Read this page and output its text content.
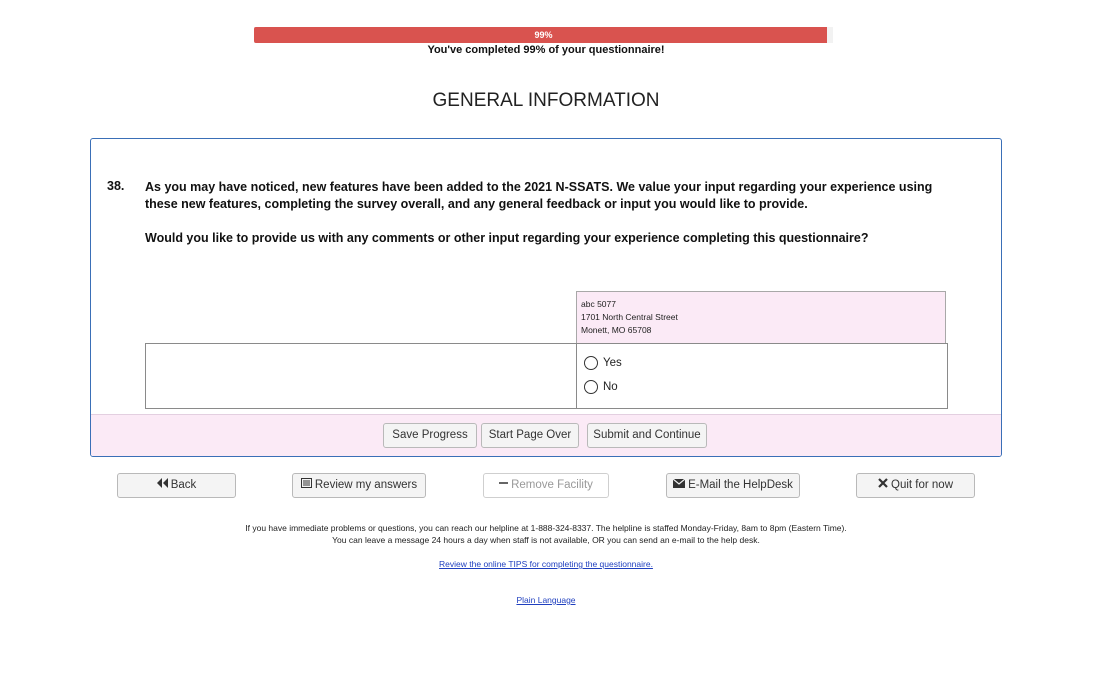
99%
You've completed 99% of your questionnaire!
GENERAL INFORMATION
38. As you may have noticed, new features have been added to the 2021 N-SSATS. We value your input regarding your experience using these new features, completing the survey overall, and any general feedback or input you would like to provide.

Would you like to provide us with any comments or other input regarding your experience completing this questionnaire?

abc 5077
1701 North Central Street
Monett, MO 65708
Yes
No
Save Progress	Start Page Over	Submit and Continue
Back	Review my answers	Remove Facility	E-Mail the HelpDesk	Quit for now
If you have immediate problems or questions, you can reach our helpline at 1-888-324-8337. The helpline is staffed Monday-Friday, 8am to 8pm (Eastern Time).
You can leave a message 24 hours a day when staff is not available, OR you can send an e-mail to the help desk.
Review the online TIPS for completing the questionnaire.
Plain Language
